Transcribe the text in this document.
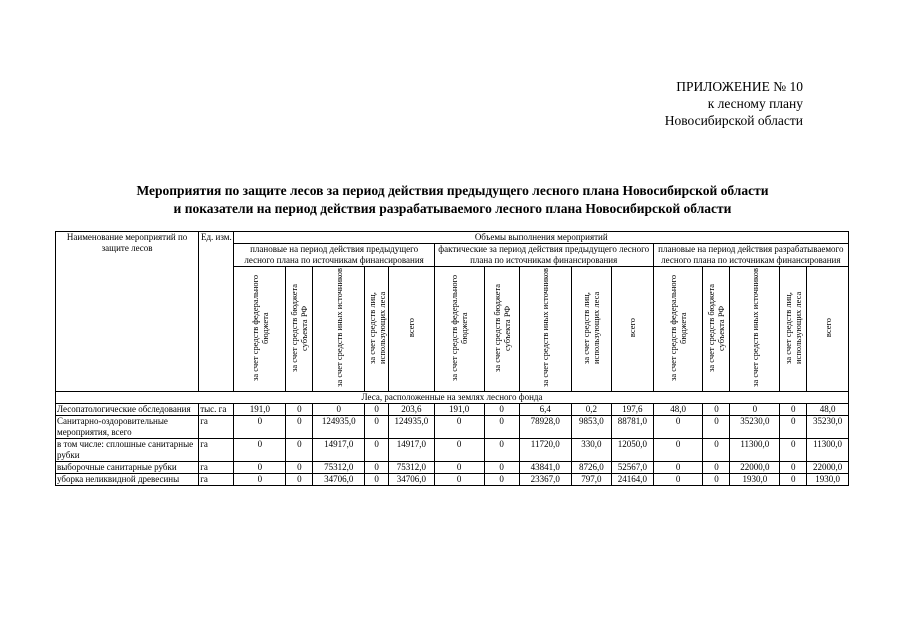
ПРИЛОЖЕНИЕ № 10
к лесному плану
Новосибирской области
Мероприятия по защите лесов за период действия предыдущего лесного плана Новосибирской области
и показатели на период действия разрабатываемого лесного плана Новосибирской области
Наименование мероприятий по защите лесов	Ед. изм.	Объемы выполнения мероприятий														
		плановые на период действия предыдущего лесного плана по источникам финансирования					фактические за период действия предыдущего лесного плана по источникам финансирования					плановые на период действия разрабатываемого лесного плана по источникам финансирования				
		за счет средств федерального бюджета	за счет средств бюджета субъекта РФ	за счет средств иных источников	за счет средств лиц, использующих леса	всего	за счет средств федерального бюджета	за счет средств бюджета субъекта РФ	за счет средств иных источников	за счет средств лиц, использующих леса	всего	за счет средств федерального бюджета	за счет средств бюджета субъекта РФ	за счет средств иных источников	за счет средств лиц, использующих леса	всего
Леса, расположенные на землях лесного фонда																
Лесопатологические обследования	тыс. га	191,0	0	0	0	203,6	191,0	0	6,4	0,2	197,6	48,0	0	0	0	48,0
Санитарно-оздоровительные мероприятия, всего	га	0	0	124935,0	0	124935,0	0	0	78928,0	9853,0	88781,0	0	0	35230,0	0	35230,0
в том числе: сплошные санитарные рубки	га	0	0	14917,0	0	14917,0	0	0	11720,0	330,0	12050,0	0	0	11300,0	0	11300,0
выборочные санитарные рубки	га	0	0	75312,0	0	75312,0	0	0	43841,0	8726,0	52567,0	0	0	22000,0	0	22000,0
уборка неликвидной древесины	га	0	0	34706,0	0	34706,0	0	0	23367,0	797,0	24164,0	0	0	1930,0	0	1930,0
